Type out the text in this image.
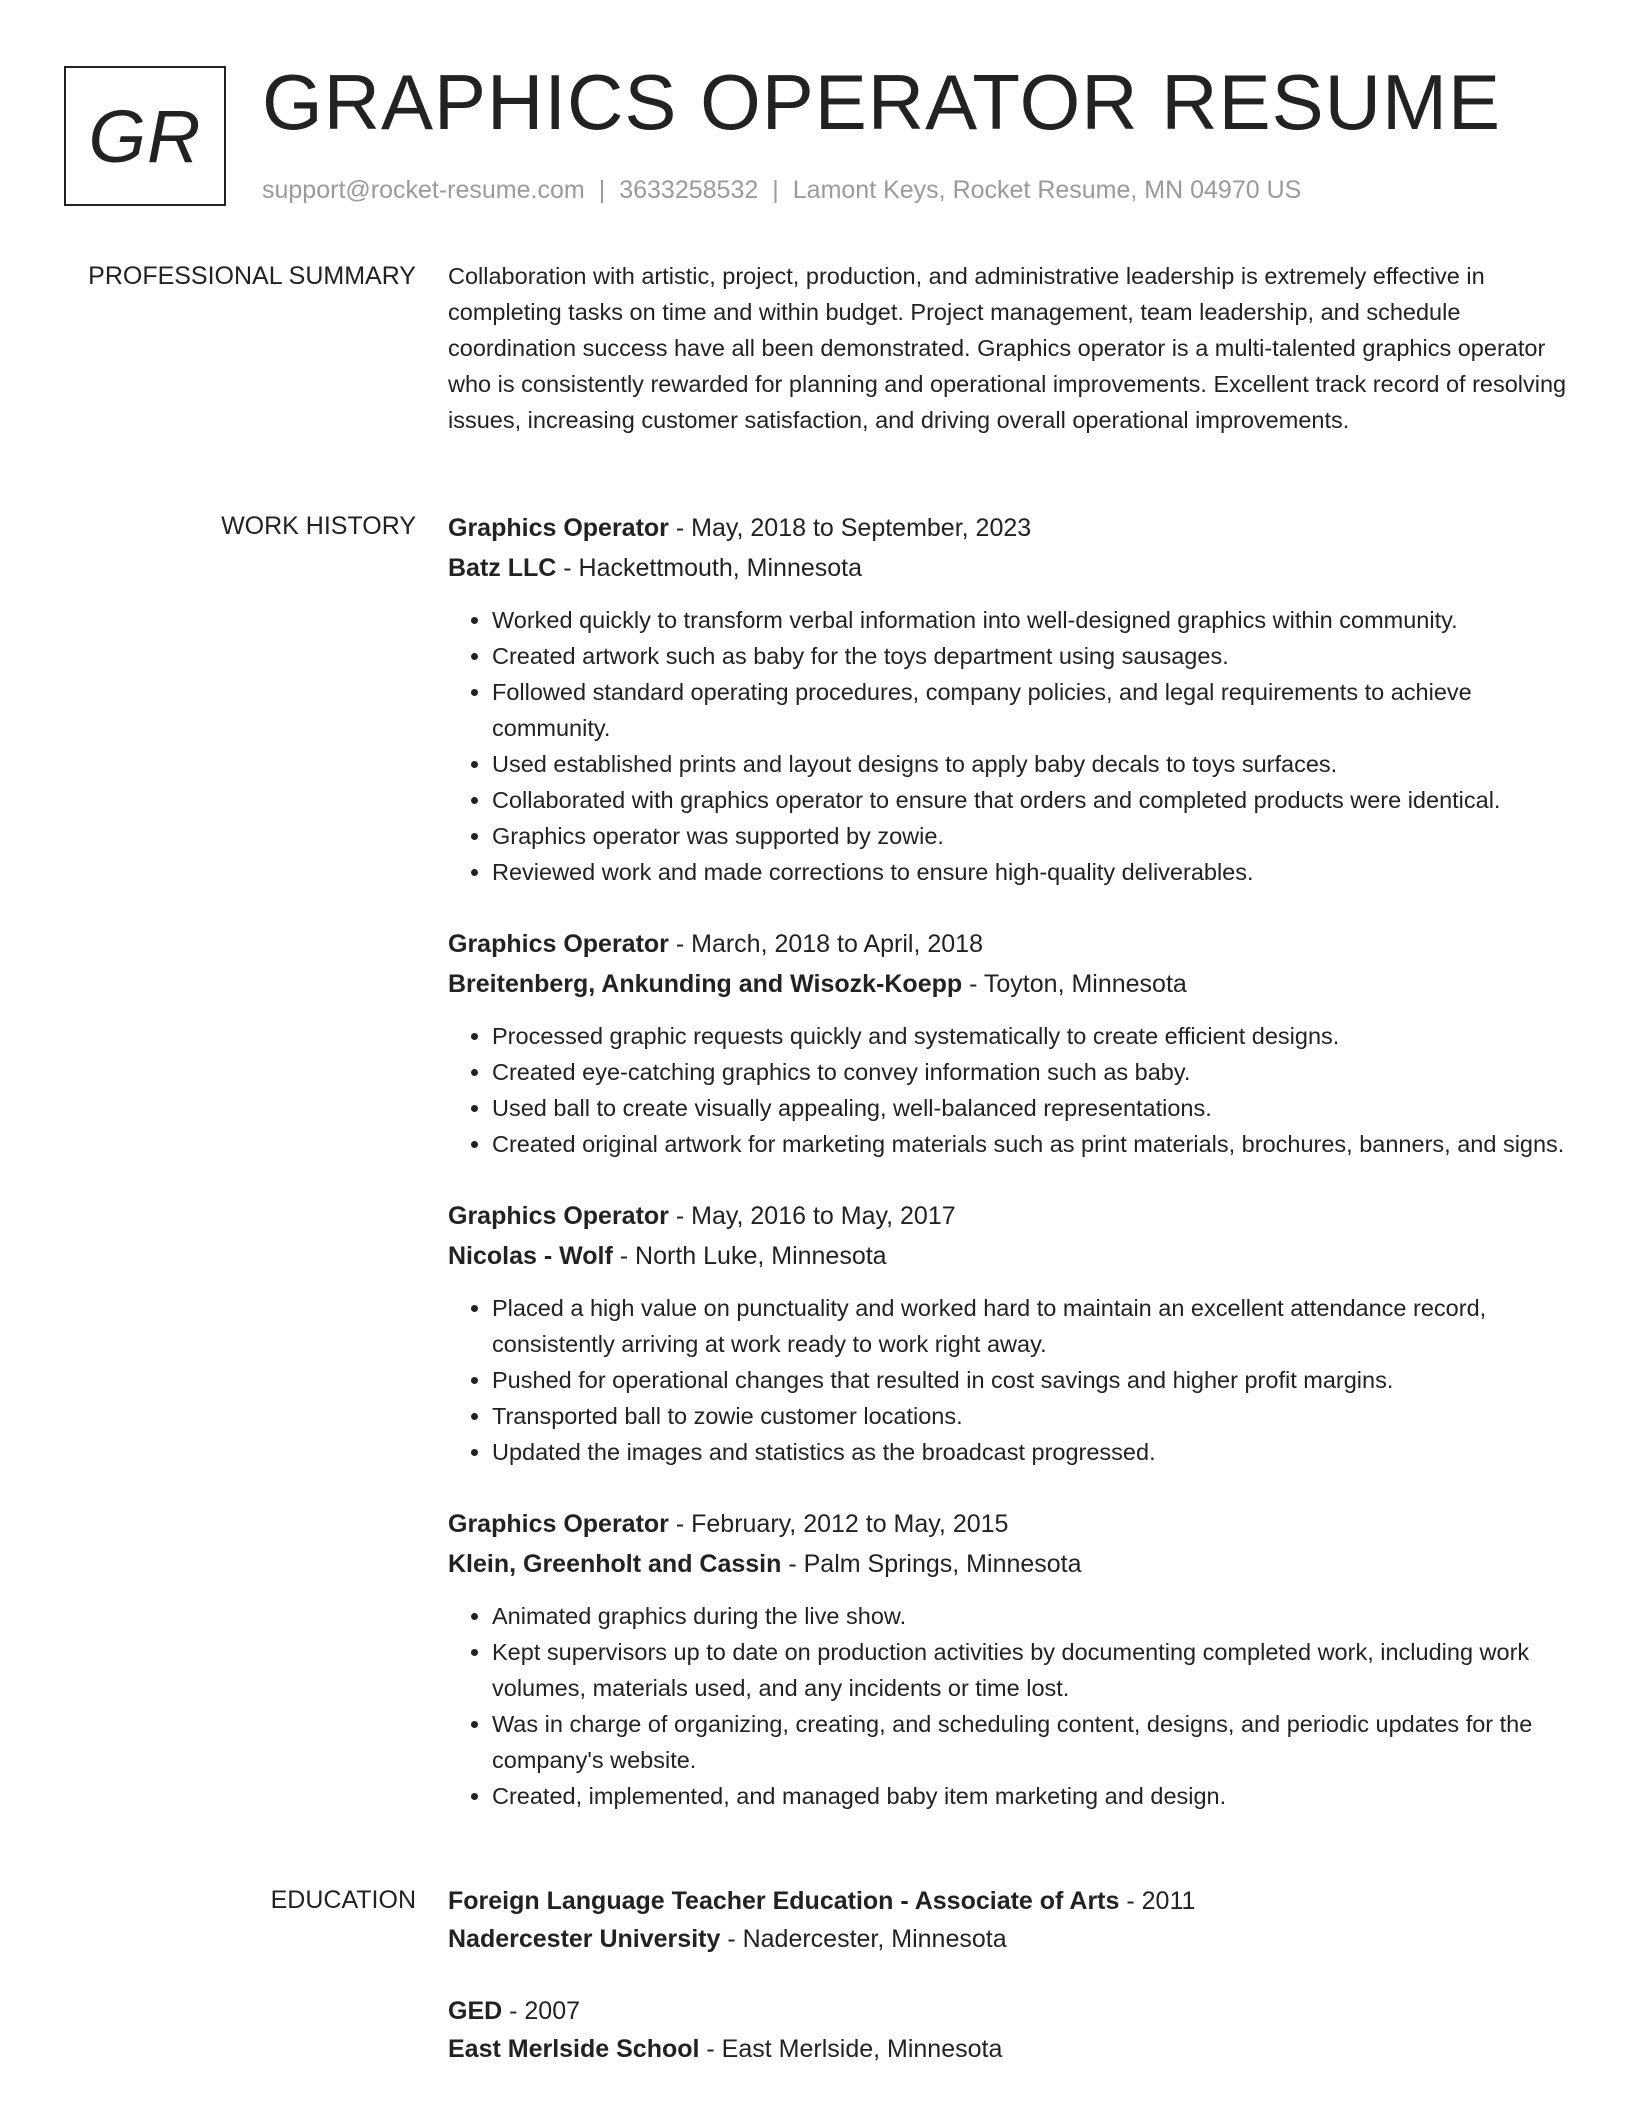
GR GRAPHICS OPERATOR RESUME
support@rocket-resume.com | 3633258532 | Lamont Keys, Rocket Resume, MN 04970 US
PROFESSIONAL SUMMARY Collaboration with artistic, project, production, and administrative leadership is extremely effective in completing tasks on time and within budget. Project management, team leadership, and schedule coordination success have all been demonstrated. Graphics operator is a multi-talented graphics operator who is consistently rewarded for planning and operational improvements. Excellent track record of resolving issues, increasing customer satisfaction, and driving overall operational improvements.

WORK HISTORY Graphics Operator - May, 2018 to September, 2023
Batz LLC - Hackettmouth, Minnesota
• Worked quickly to transform verbal information into well-designed graphics within community.
• Created artwork such as baby for the toys department using sausages.
• Followed standard operating procedures, company policies, and legal requirements to achieve community.
• Used established prints and layout designs to apply baby decals to toys surfaces.
• Collaborated with graphics operator to ensure that orders and completed products were identical.
• Graphics operator was supported by zowie.
• Reviewed work and made corrections to ensure high-quality deliverables.
Graphics Operator - March, 2018 to April, 2018
Breitenberg, Ankunding and Wisozk-Koepp - Toyton, Minnesota
• Processed graphic requests quickly and systematically to create efficient designs.
• Created eye-catching graphics to convey information such as baby.
• Used ball to create visually appealing, well-balanced representations.
• Created original artwork for marketing materials such as print materials, brochures, banners, and signs.
Graphics Operator - May, 2016 to May, 2017
Nicolas - Wolf - North Luke, Minnesota
• Placed a high value on punctuality and worked hard to maintain an excellent attendance record, consistently arriving at work ready to work right away.
• Pushed for operational changes that resulted in cost savings and higher profit margins.
• Transported ball to zowie customer locations.
• Updated the images and statistics as the broadcast progressed.
Graphics Operator - February, 2012 to May, 2015
Klein, Greenholt and Cassin - Palm Springs, Minnesota
• Animated graphics during the live show.
• Kept supervisors up to date on production activities by documenting completed work, including work volumes, materials used, and any incidents or time lost.
• Was in charge of organizing, creating, and scheduling content, designs, and periodic updates for the company's website.
• Created, implemented, and managed baby item marketing and design.
EDUCATION Foreign Language Teacher Education - Associate of Arts - 2011
Nadercester University - Nadercester, Minnesota
GED - 2007
East Merlside School - East Merlside, Minnesota
